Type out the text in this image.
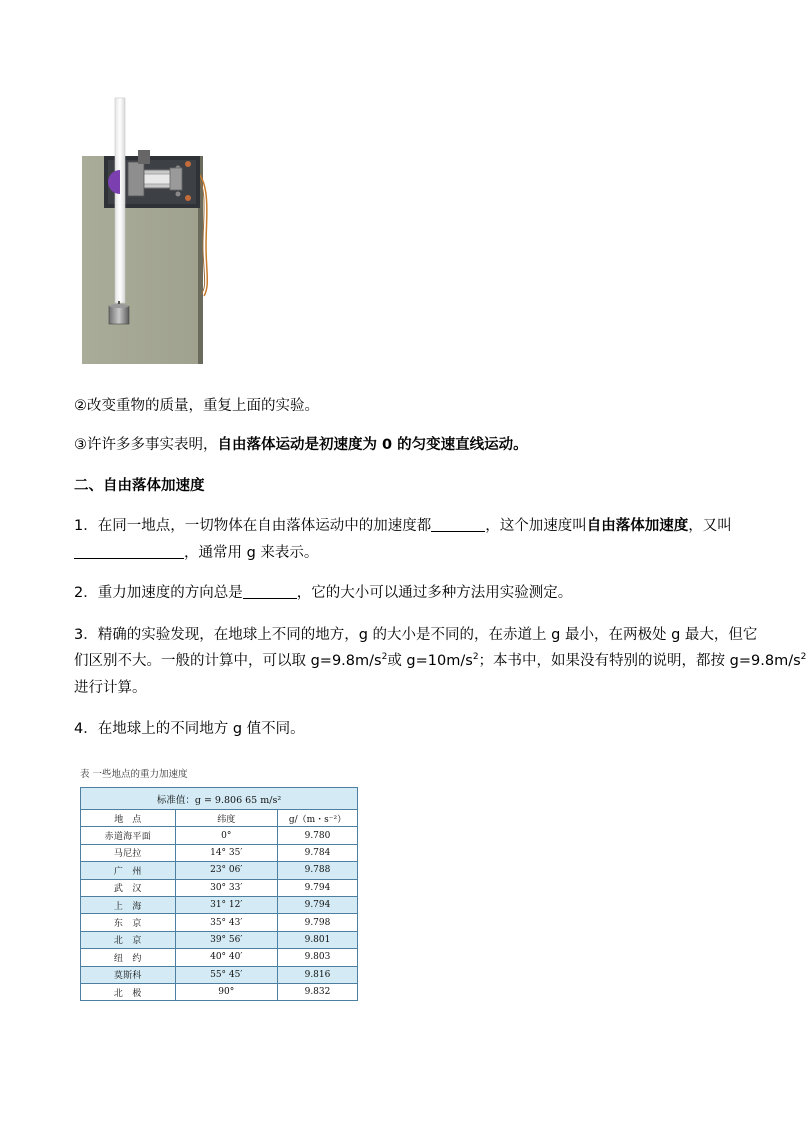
②改变重物的质量，重复上面的实验。
③许许多多事实表明，自由落体运动是初速度为 0 的匀变速直线运动。
二、自由落体加速度
1．在同一地点，一切物体在自由落体运动中的加速度都	，这个加速度叫自由落体加速度，又叫
，通常用 g 来表示。
2．重力加速度的方向总是	，它的大小可以通过多种方法用实验测定。
3．精确的实验发现，在地球上不同的地方，g 的大小是不同的，在赤道上 g 最小，在两极处 g 最大，但它
们区别不大。一般的计算中，可以取 $g=9.8m/s^2$或 $g=10m/s^2$；本书中，如果没有特别的说明，都按 $g=9.8m/s^2$
进行计算。
4．在地球上的不同地方 g 值不同。
表 一些地点的重力加速度
标准值：g = 9.806 65 m/s²		
地　点	纬度	g/（m・s⁻²）
赤道海平面	0°	9.780
马尼拉	14° 35′	9.784
广　州	23° 06′	9.788
武　汉	30° 33′	9.794
上　海	31° 12′	9.794
东　京	35° 43′	9.798
北　京	39° 56′	9.801
纽　约	40° 40′	9.803
莫斯科	55° 45′	9.816
北　极	90°	9.832
